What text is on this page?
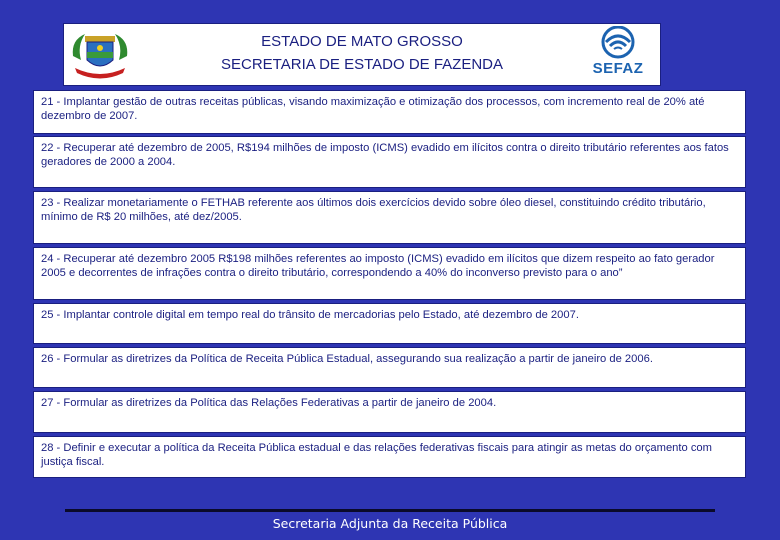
ESTADO DE MATO GROSSO
SECRETARIA DE ESTADO DE FAZENDA	SEFAZ
21 - Implantar gestão de outras receitas públicas, visando maximização e otimização dos processos, com incremento real de 20% até dezembro de 2007.
22 - Recuperar até dezembro de 2005, R$194 milhões de imposto (ICMS) evadido em ilícitos contra o direito tributário referentes aos fatos geradores de 2000 a 2004.
23 - Realizar monetariamente o FETHAB referente aos últimos dois exercícios devido sobre óleo diesel, constituindo crédito tributário, mínimo de R$ 20 milhões, até dez/2005.
24 - Recuperar até dezembro 2005 R$198 milhões referentes ao imposto (ICMS) evadido em ilícitos que dizem respeito ao fato gerador 2005 e decorrentes de infrações contra o direito tributário, correspondendo a 40% do inconverso previsto para o ano”
25 - Implantar controle digital em tempo real do trânsito de mercadorias pelo Estado, até dezembro de 2007.
26 - Formular as diretrizes da Política de Receita Pública Estadual, assegurando sua realização a partir de janeiro de 2006.
27 - Formular as diretrizes da Política das Relações Federativas a partir de janeiro de 2004.
28 - Definir e executar a política da Receita Pública estadual e das relações federativas fiscais para atingir as metas do orçamento com justiça fiscal.
Secretaria Adjunta da Receita Pública
